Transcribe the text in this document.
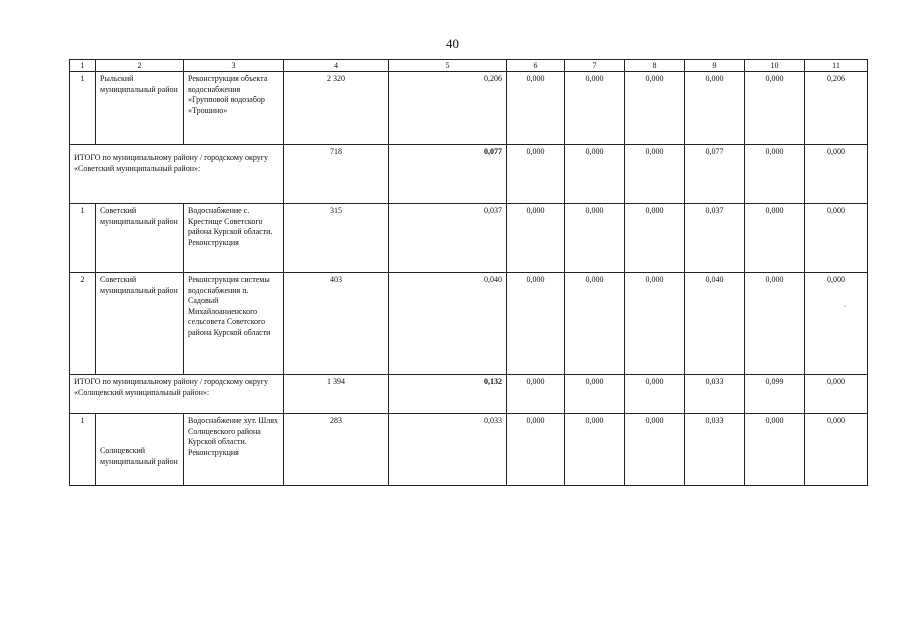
40
1	2	3	4	5	6	7	8	9	10	11
1	Рыльский муниципальный район	Реконструкция объекта водоснабжения «Групповой водозабор «Трошино»	2 320	0,206	0,000	0,000	0,000	0,000	0,000	0,206

ИТОГО по муниципальному району / городскому округу «Советский муниципальный район»:			718	0,077	0,000	0,000	0,000	0,077	0,000	0,000
1	Советский муниципальный район	Водоснабжение с. Крестище Советского района Курской области. Реконструкция	315	0,037	0,000	0,000	0,000	0,037	0,000	0,000
2	Советский муниципальный район	Реконструкция системы водоснабжения п. Садовый Михайлоаниенского сельсовета Советского района Курской области	403	0,040	0,000	0,000	0,000	0,040	0,000	0,000
·

ИТОГО по муниципальному району / городскому округу «Солнцевский муниципальный район»:			1 394	0,132	0,000	0,000	0,000	0,033	0,099	0,000
1	Солнцевский муниципальный район	Водоснабжение хут. Шлях Солнцевского района Курской области. Реконструкция	283	0,033	0,000	0,000	0,000	0,033	0,000	0,000
